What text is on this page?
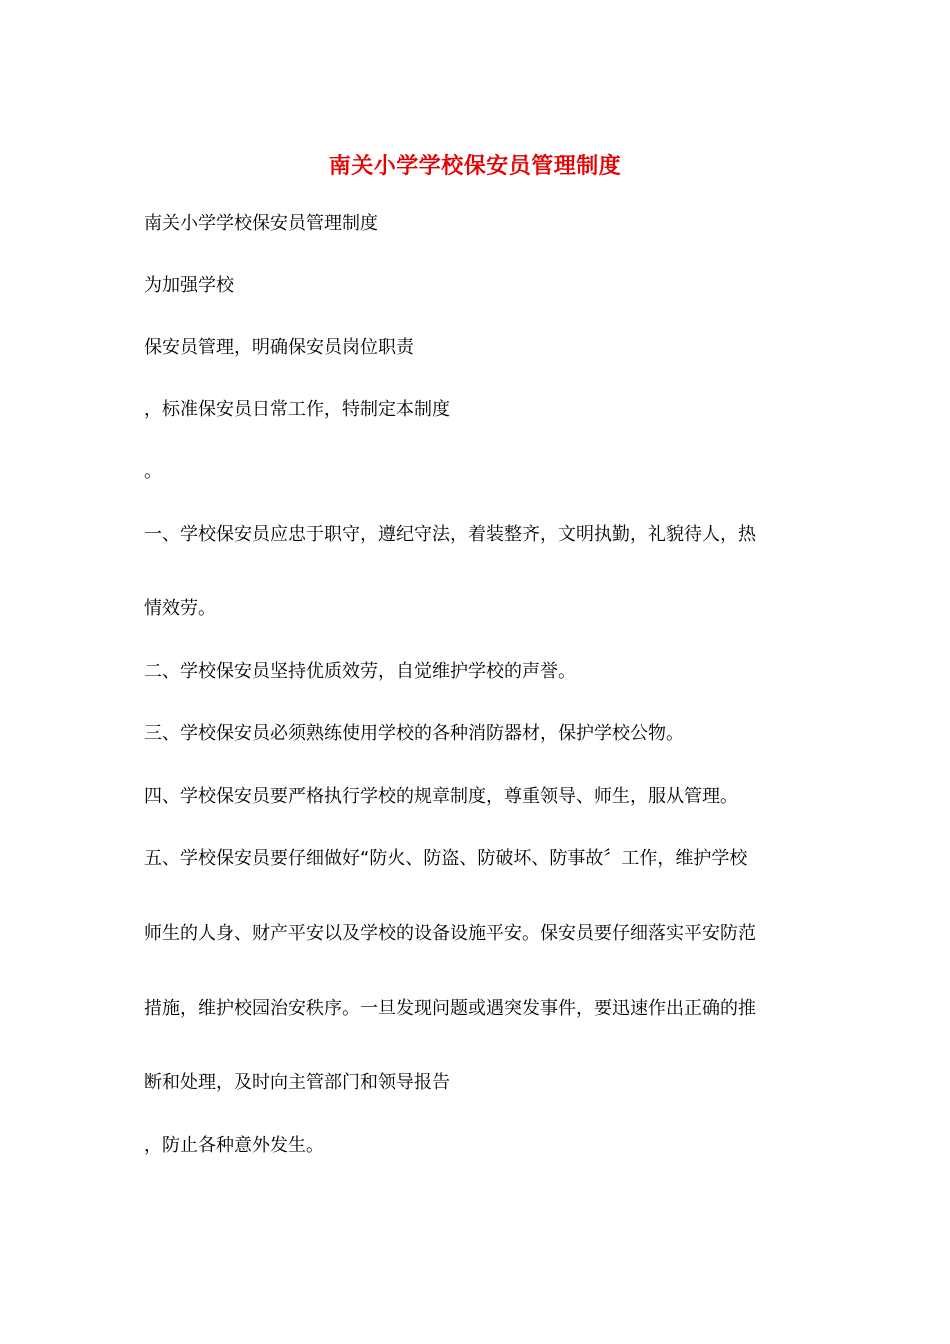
南关小学学校保安员管理制度
南关小学学校保安员管理制度
为加强学校
保安员管理，明确保安员岗位职责
，标准保安员日常工作，特制定本制度
。
一、学校保安员应忠于职守，遵纪守法，着装整齐，文明执勤，礼貌待人，热
情效劳。
二、学校保安员坚持优质效劳，自觉维护学校的声誉。
三、学校保安员必须熟练使用学校的各种消防器材，保护学校公物。
四、学校保安员要严格执行学校的规章制度，尊重领导、师生，服从管理。
五、学校保安员要仔细做好“防火、防盗、防破坏、防事故〞工作，维护学校
师生的人身、财产平安以及学校的设备设施平安。保安员要仔细落实平安防范
措施，维护校园治安秩序。一旦发现问题或遇突发事件，要迅速作出正确的推
断和处理，及时向主管部门和领导报告
，防止各种意外发生。
